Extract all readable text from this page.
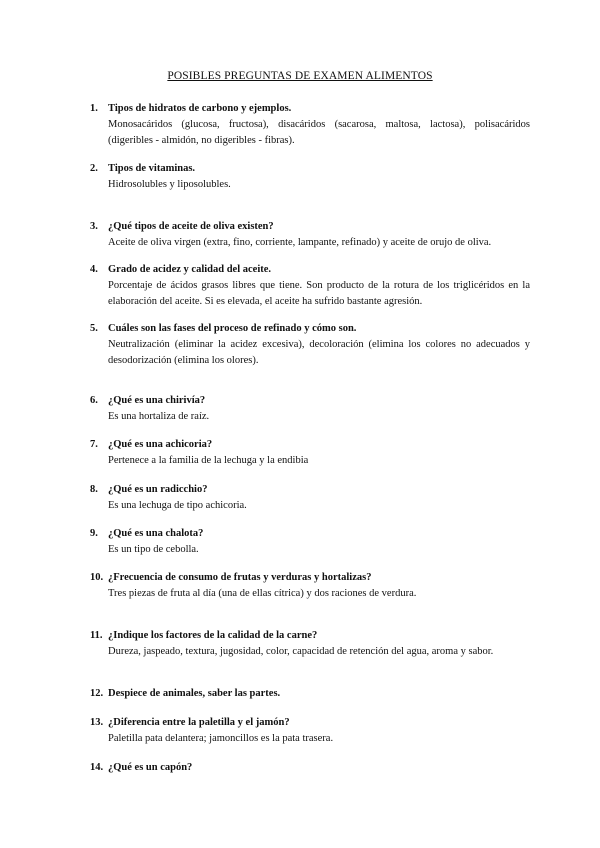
POSIBLES PREGUNTAS DE EXAMEN ALIMENTOS
1. Tipos de hidratos de carbono y ejemplos.
Monosacáridos (glucosa, fructosa), disacáridos (sacarosa, maltosa, lactosa), polisacáridos (digeribles - almidón, no digeribles - fibras).
2. Tipos de vitaminas.
Hidrosolubles y liposolubles.
3. ¿Qué tipos de aceite de oliva existen?
Aceite de oliva virgen (extra, fino, corriente, lampante, refinado) y aceite de orujo de oliva.
4. Grado de acidez y calidad del aceite.
Porcentaje de ácidos grasos libres que tiene. Son producto de la rotura de los triglicéridos en la elaboración del aceite. Si es elevada, el aceite ha sufrido bastante agresión.
5. Cuáles son las fases del proceso de refinado y cómo son.
Neutralización (eliminar la acidez excesiva), decoloración (elimina los colores no adecuados y desodorización (elimina los olores).
6. ¿Qué es una chirivía?
Es una hortaliza de raíz.
7. ¿Qué es una achicoria?
Pertenece a la familia de la lechuga y la endibia
8. ¿Qué es un radicchio?
Es una lechuga de tipo achicoria.
9. ¿Qué es una chalota?
Es un tipo de cebolla.
10. ¿Frecuencia de consumo de frutas y verduras y hortalizas?
Tres piezas de fruta al día (una de ellas cítrica) y dos raciones de verdura.
11. ¿Indique los factores de la calidad de la carne?
Dureza, jaspeado, textura, jugosidad, color, capacidad de retención del agua, aroma y sabor.
12. Despiece de animales, saber las partes.
13. ¿Diferencia entre la paletilla y el jamón?
Paletilla pata delantera; jamoncillos es la pata trasera.
14. ¿Qué es un capón?
